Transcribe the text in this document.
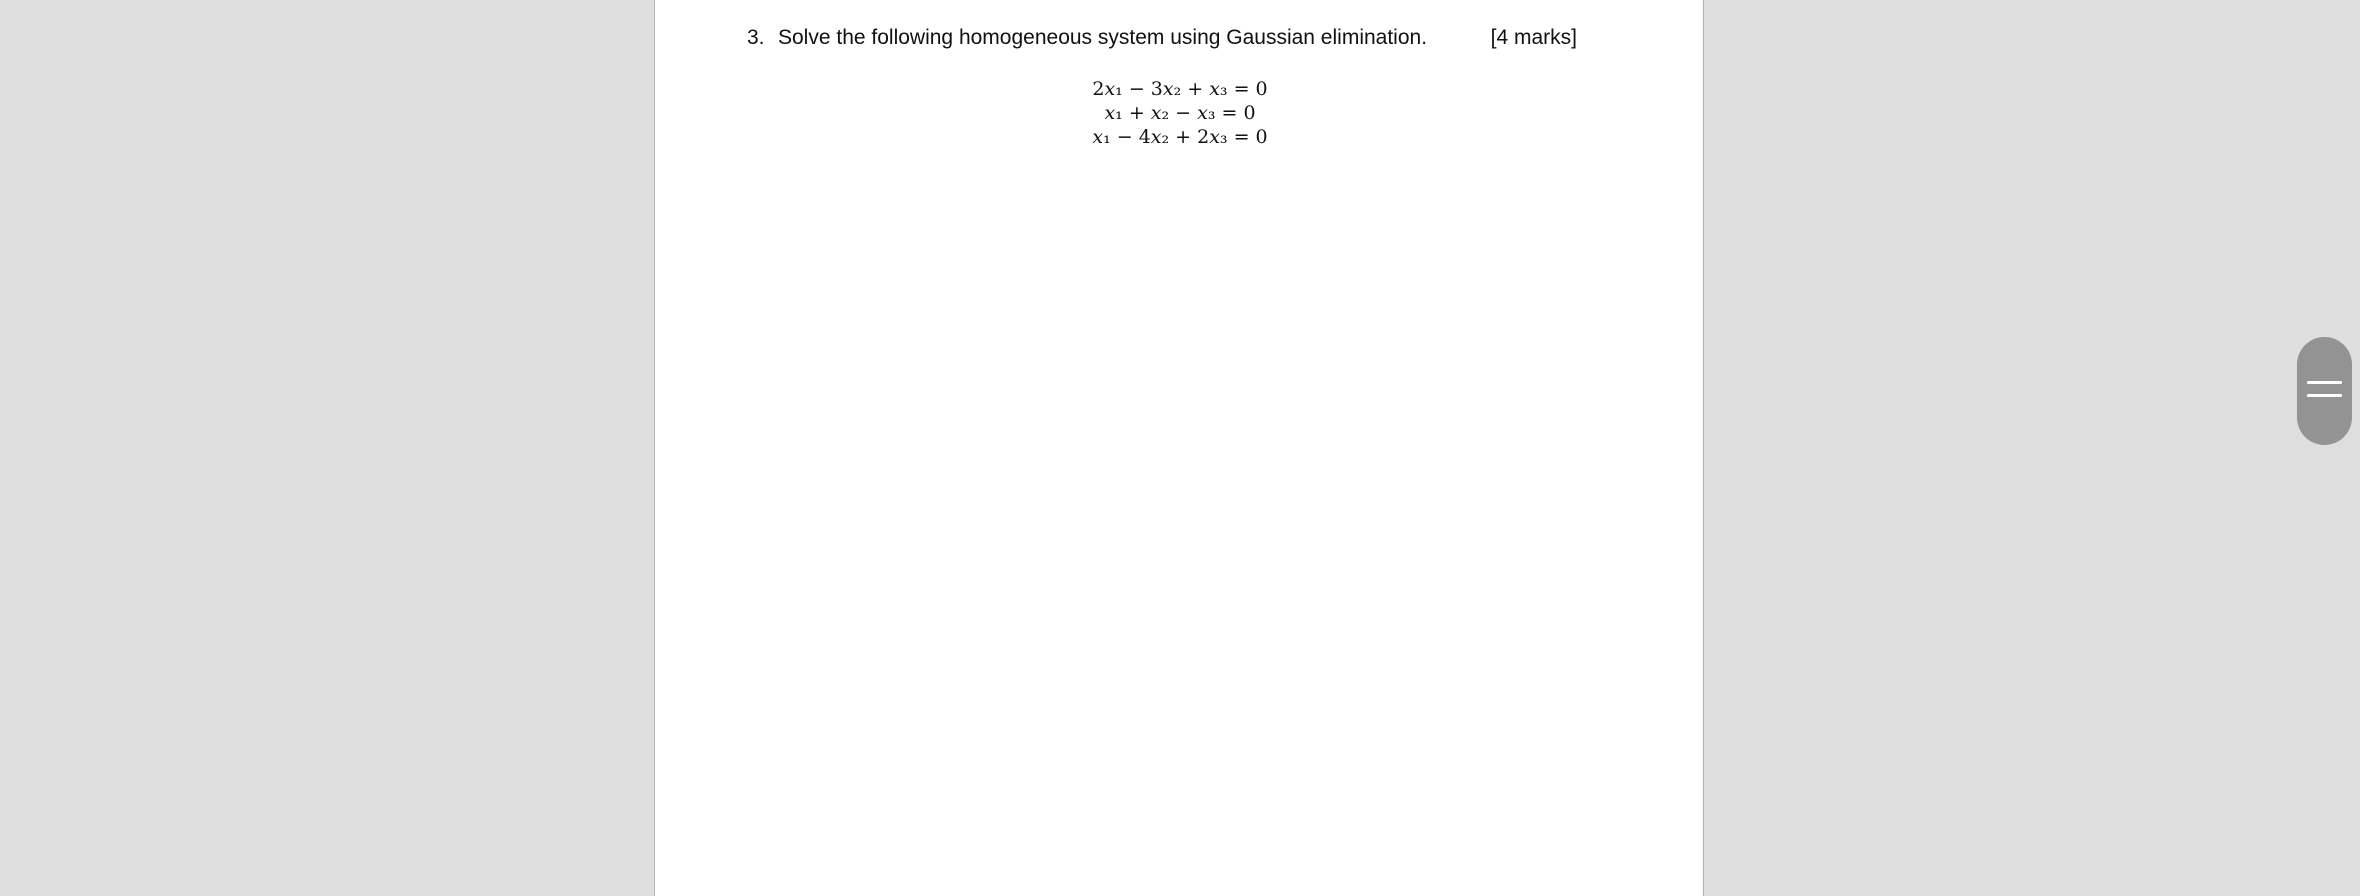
3. Solve the following homogeneous system using Gaussian elimination.	[4 marks]
2𝑥₁ − 3𝑥₂ + 𝑥₃ = 0
𝑥₁ + 𝑥₂ − 𝑥₃ = 0
𝑥₁ − 4𝑥₂ + 2𝑥₃ = 0
